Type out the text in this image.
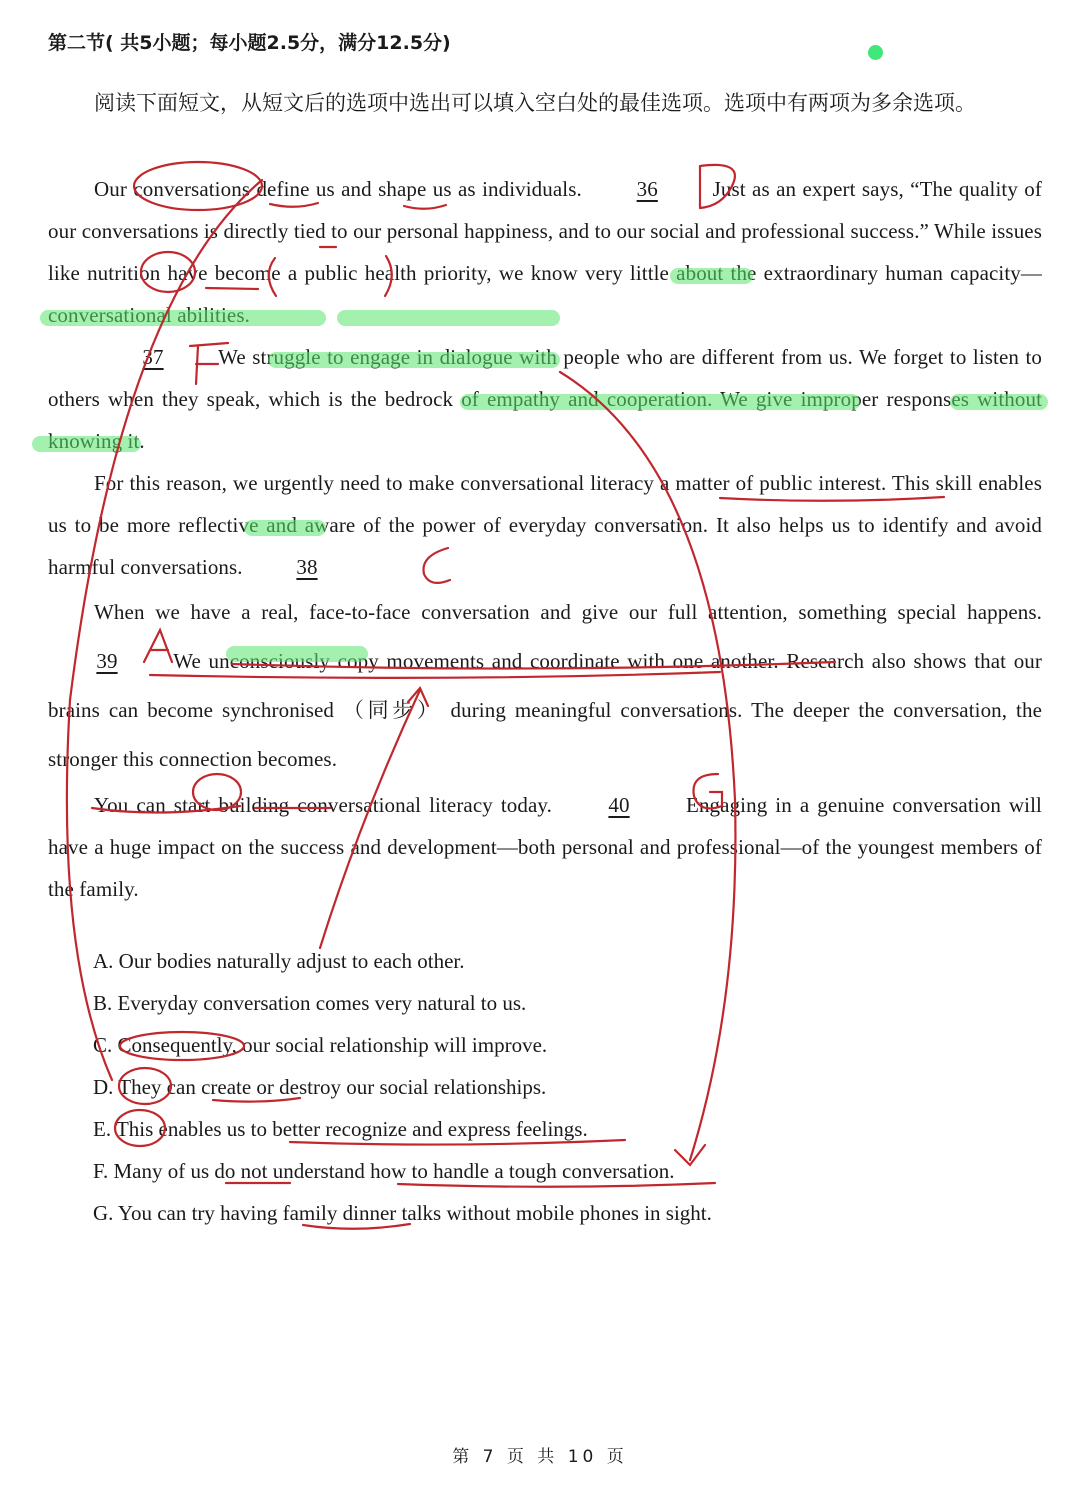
第二节( 共5小题；每小题2.5分，满分12.5分)
阅读下面短文，从短文后的选项中选出可以填入空白处的最佳选项。选项中有两项为多余选项。

Our conversations define us and shape us as individuals. 36 Just as an expert says, “The quality of our conversations is directly tied to our personal happiness, and to our social and professional success.” While issues like nutrition have become a public health priority, we know very little about the extraordinary human capacity—conversational abilities.

37 We struggle to engage in dialogue with people who are different from us. We forget to listen to others when they speak, which is the bedrock of empathy and cooperation. We give improper responses without knowing it.

For this reason, we urgently need to make conversational literacy a matter of public interest. This skill enables us to be more reflective and aware of the power of everyday conversation. It also helps us to identify and avoid harmful conversations. 38

When we have a real, face-to-face conversation and give our full attention, something special happens. 39 We unconsciously copy movements and coordinate with one another. Research also shows that our brains can become synchronised （同步） during meaningful conversations. The deeper the conversation, the stronger this connection becomes.

You can start building conversational literacy today. 40 Engaging in a genuine conversation will have a huge impact on the success and development—both personal and professional—of the youngest members of the family.

A. Our bodies naturally adjust to each other.

B. Everyday conversation comes very natural to us.

C. Consequently, our social relationship will improve.

D. They can create or destroy our social relationships.

E. This enables us to better recognize and express feelings.

F. Many of us do not understand how to handle a tough conversation.

G. You can try having family dinner talks without mobile phones in sight.

第 7 页 共 10 页
